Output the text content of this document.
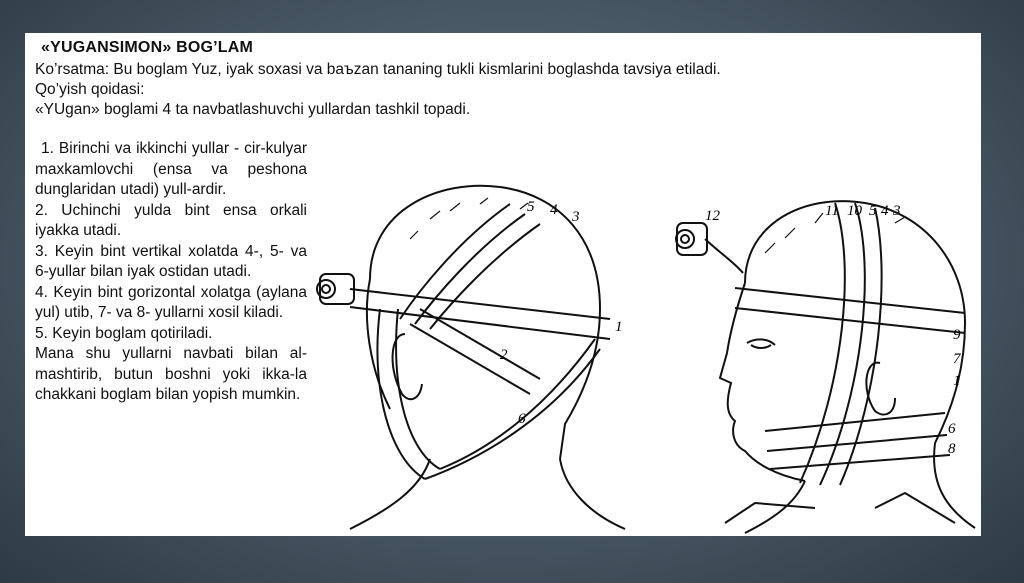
«YUGANSIMON» BOG’LAM
Ko’rsatma: Bu boglam Yuz, iyak soxasi va baъzan tananing tukli kismlarini boglashda tavsiya etiladi.
Qo’yish qoidasi:
«YUgan» boglami 4 ta navbatlashuvchi yullardan tashkil topadi.

1. Birinchi va ikkinchi yullar - cir-kulyar maxkamlovchi (ensa va peshona dunglaridan utadi) yull-ardir.

2. Uchinchi yulda bint ensa orkali iyakka utadi.

3. Keyin bint vertikal xolatda 4-, 5- va 6-yullar bilan iyak ostidan utadi.

4. Keyin bint gorizontal xolatga (aylana yul) utib, 7- va 8- yullarni xosil kiladi.

5. Keyin boglam qotiriladi.

Mana shu yullarni navbati bilan al-mashtirib, butun boshni yoki ikka-la chakkani boglam bilan yopish mumkin.

5 4 3
1
2
6
12	11 10 5 4 3
9
7
1
6
8
